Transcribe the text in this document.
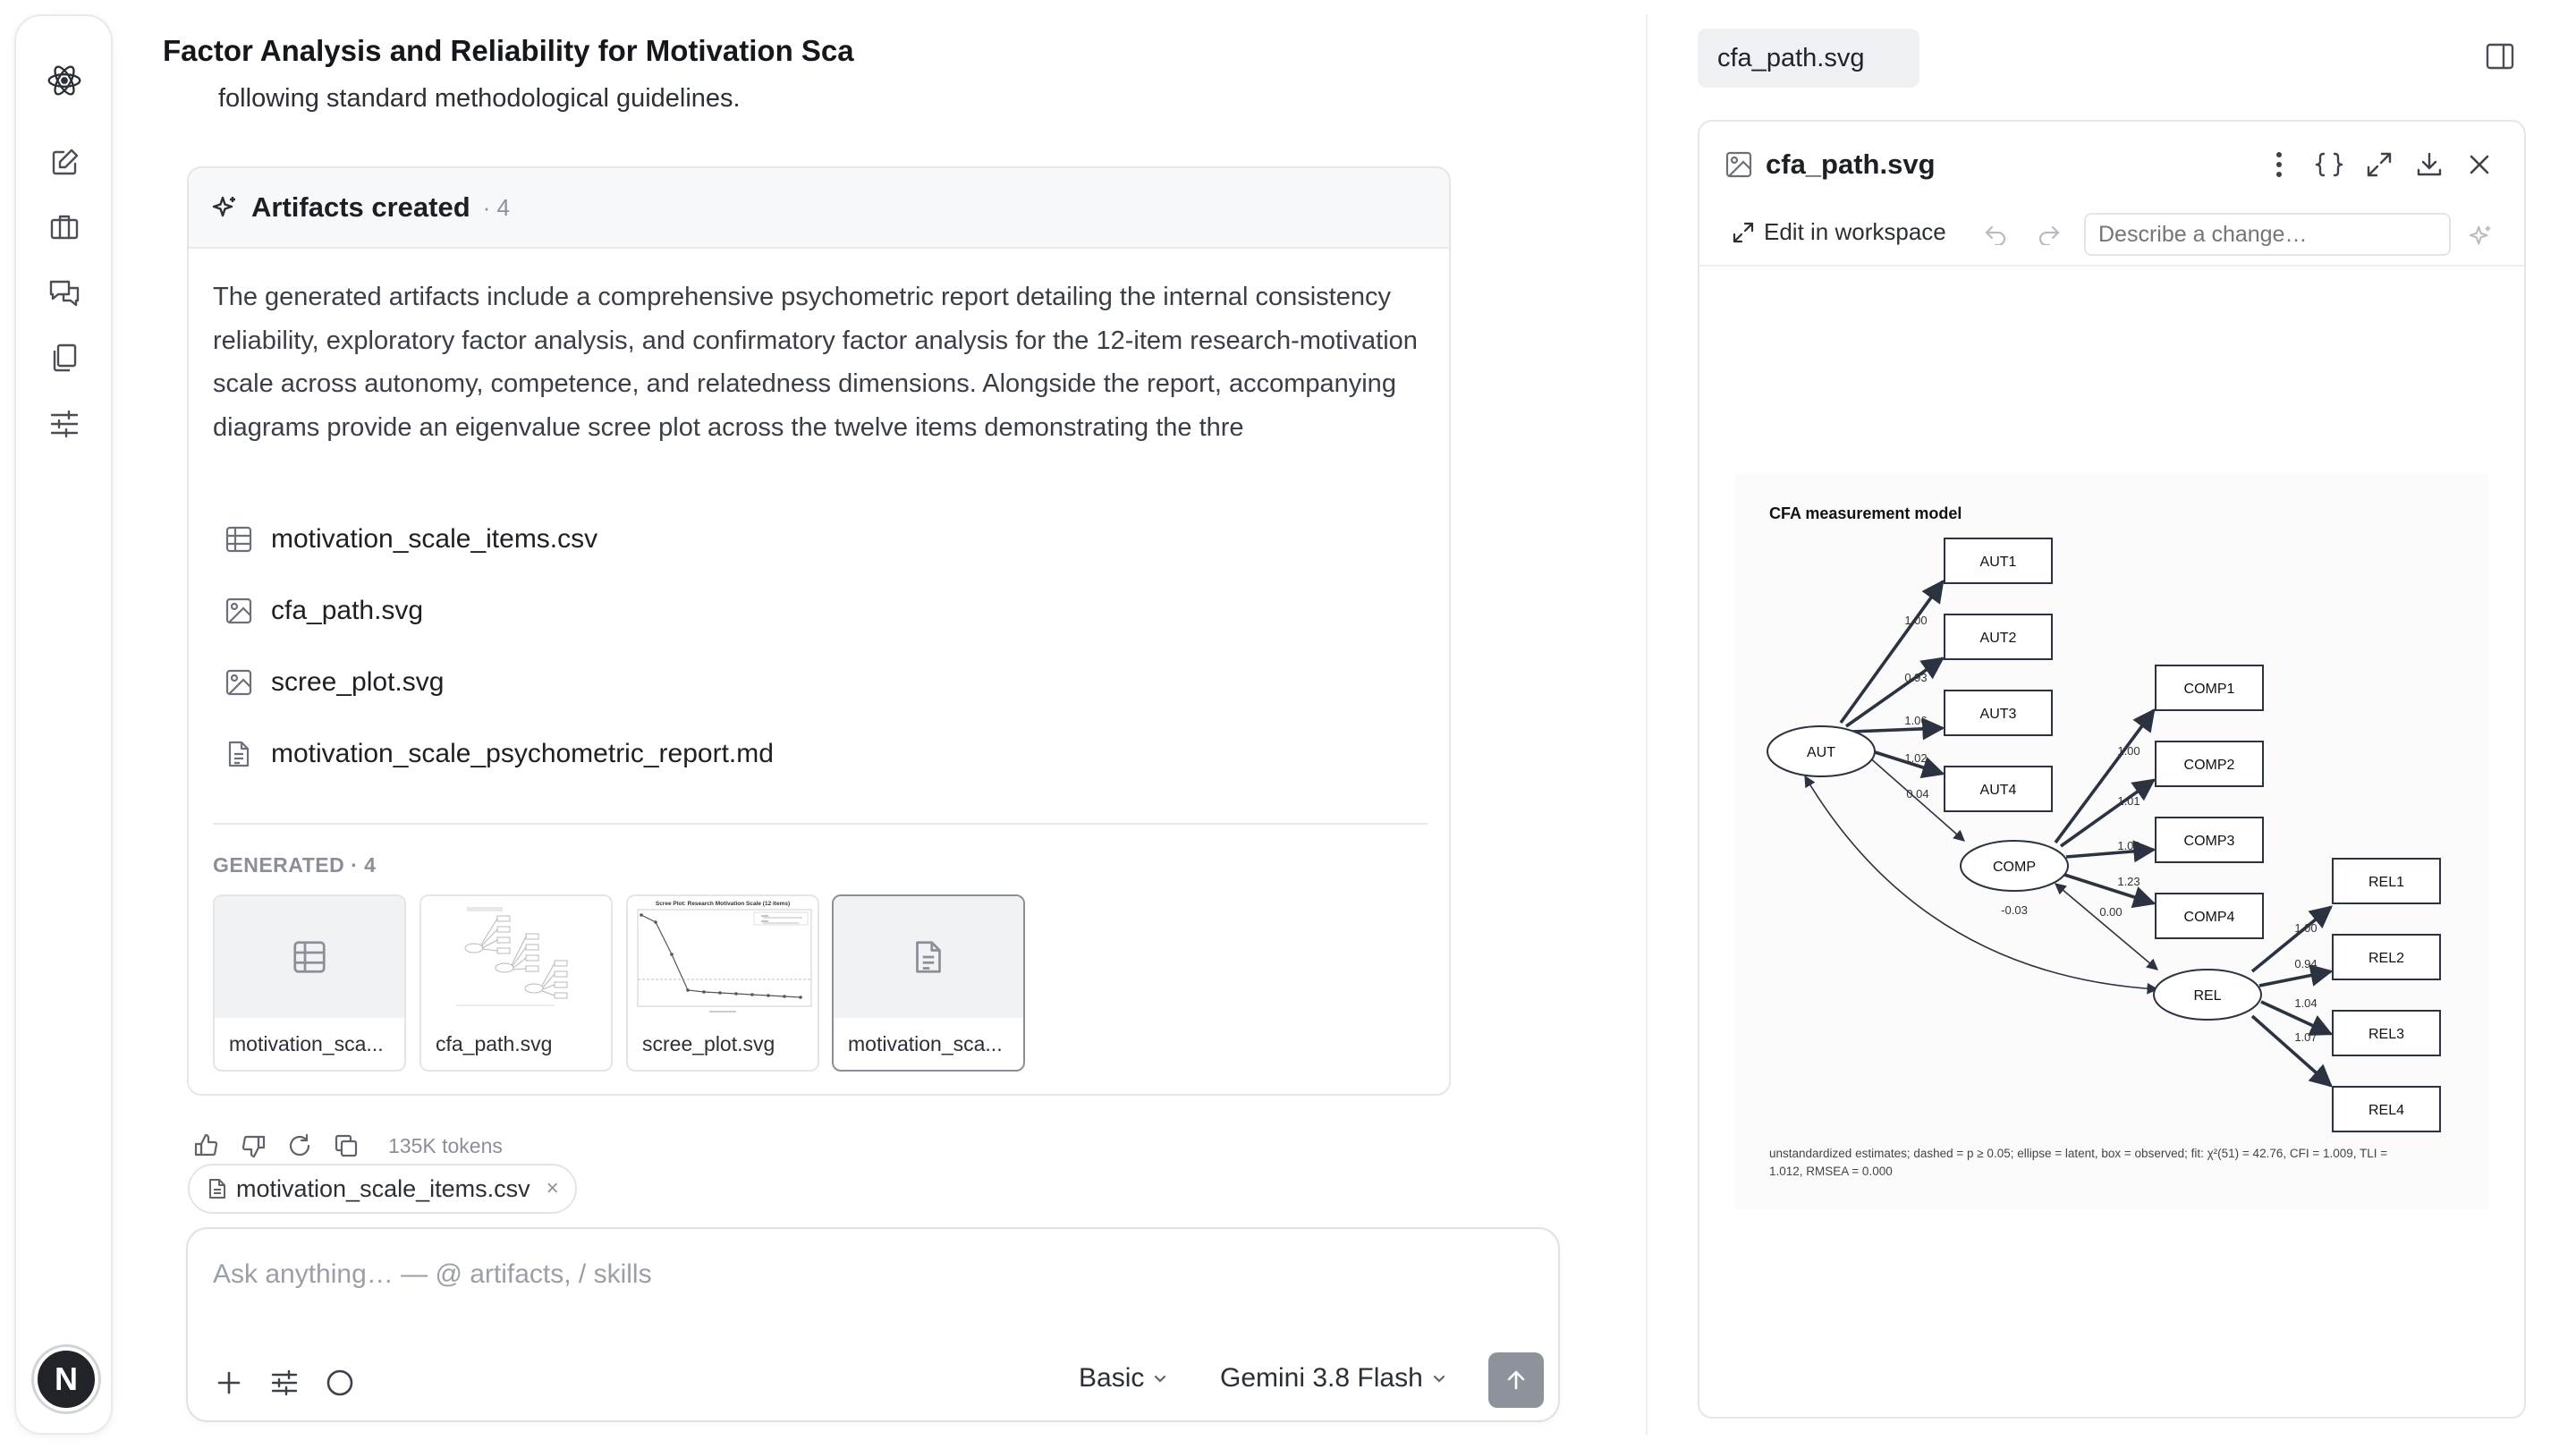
N
Factor Analysis and Reliability for Motivation Sca
following standard methodological guidelines.
Artifacts created · 4
The generated artifacts include a comprehensive psychometric report detailing the internal consistency reliability, exploratory factor analysis, and confirmatory factor analysis for the 12-item research-motivation scale across autonomy, competence, and relatedness dimensions. Alongside the report, accompanying diagrams provide an eigenvalue scree plot across the twelve items demonstrating the thre
motivation_scale_items.csv
cfa_path.svg
scree_plot.svg
motivation_scale_psychometric_report.md
GENERATED · 4
motivation_sca...	cfa_path.svg
Scree Plot: Research Motivation Scale (12 items)
scree_plot.svg	motivation_sca...
135K tokens
motivation_scale_items.csv ×
Ask anything… — @ artifacts, / skills
Basic	Gemini 3.8 Flash
cfa_path.svg
cfa_path.svg
Edit in workspace
Describe a change…
CFA measurement model
AUT1
AUT2
AUT3
AUT4
COMP1
COMP2
COMP3
COMP4
REL1
REL2
REL3
REL4
AUT
COMP
REL
1.00
0.93
1.06
1.02
1.00
1.01
1.08
1.23
1.00
0.94
1.04
1.07
0.04
0.00
-0.03
unstandardized estimates; dashed = p ≥ 0.05; ellipse = latent, box = observed; fit: χ²(51) = 42.76, CFI = 1.009, TLI =
1.012, RMSEA = 0.000
